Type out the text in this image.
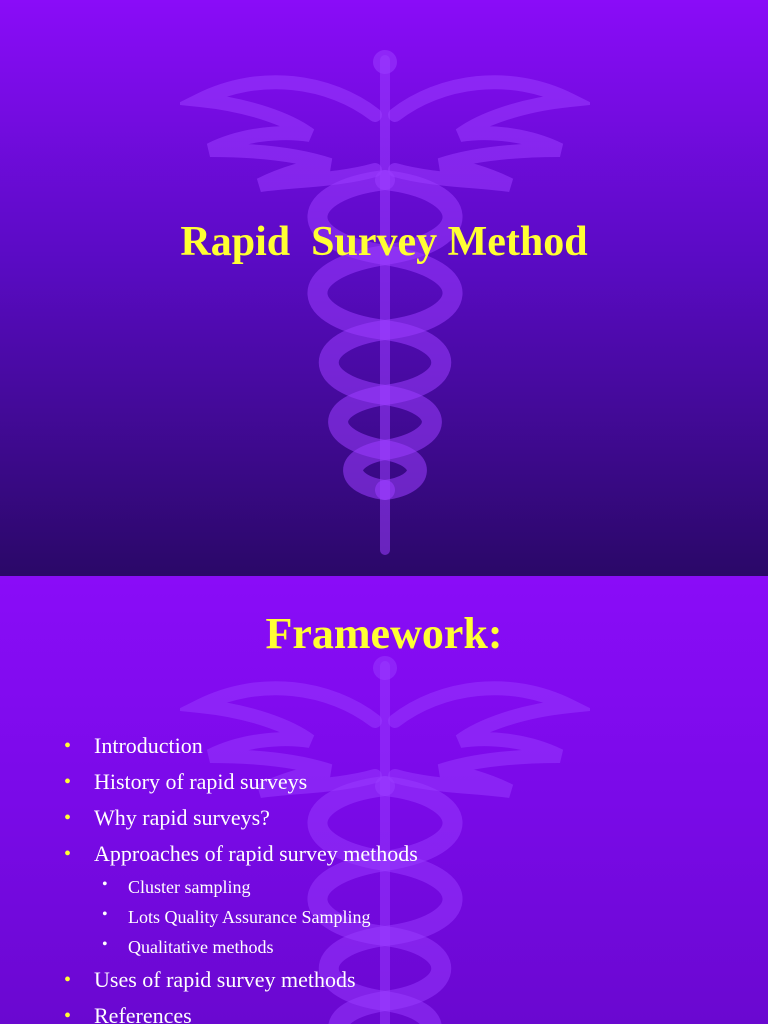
Rapid  Survey Method
Framework:
• Introduction
• History of rapid surveys
• Why rapid surveys?
• Approaches of rapid survey methods
• Cluster sampling
• Lots Quality Assurance Sampling
• Qualitative methods
• Uses of rapid survey methods
• References
